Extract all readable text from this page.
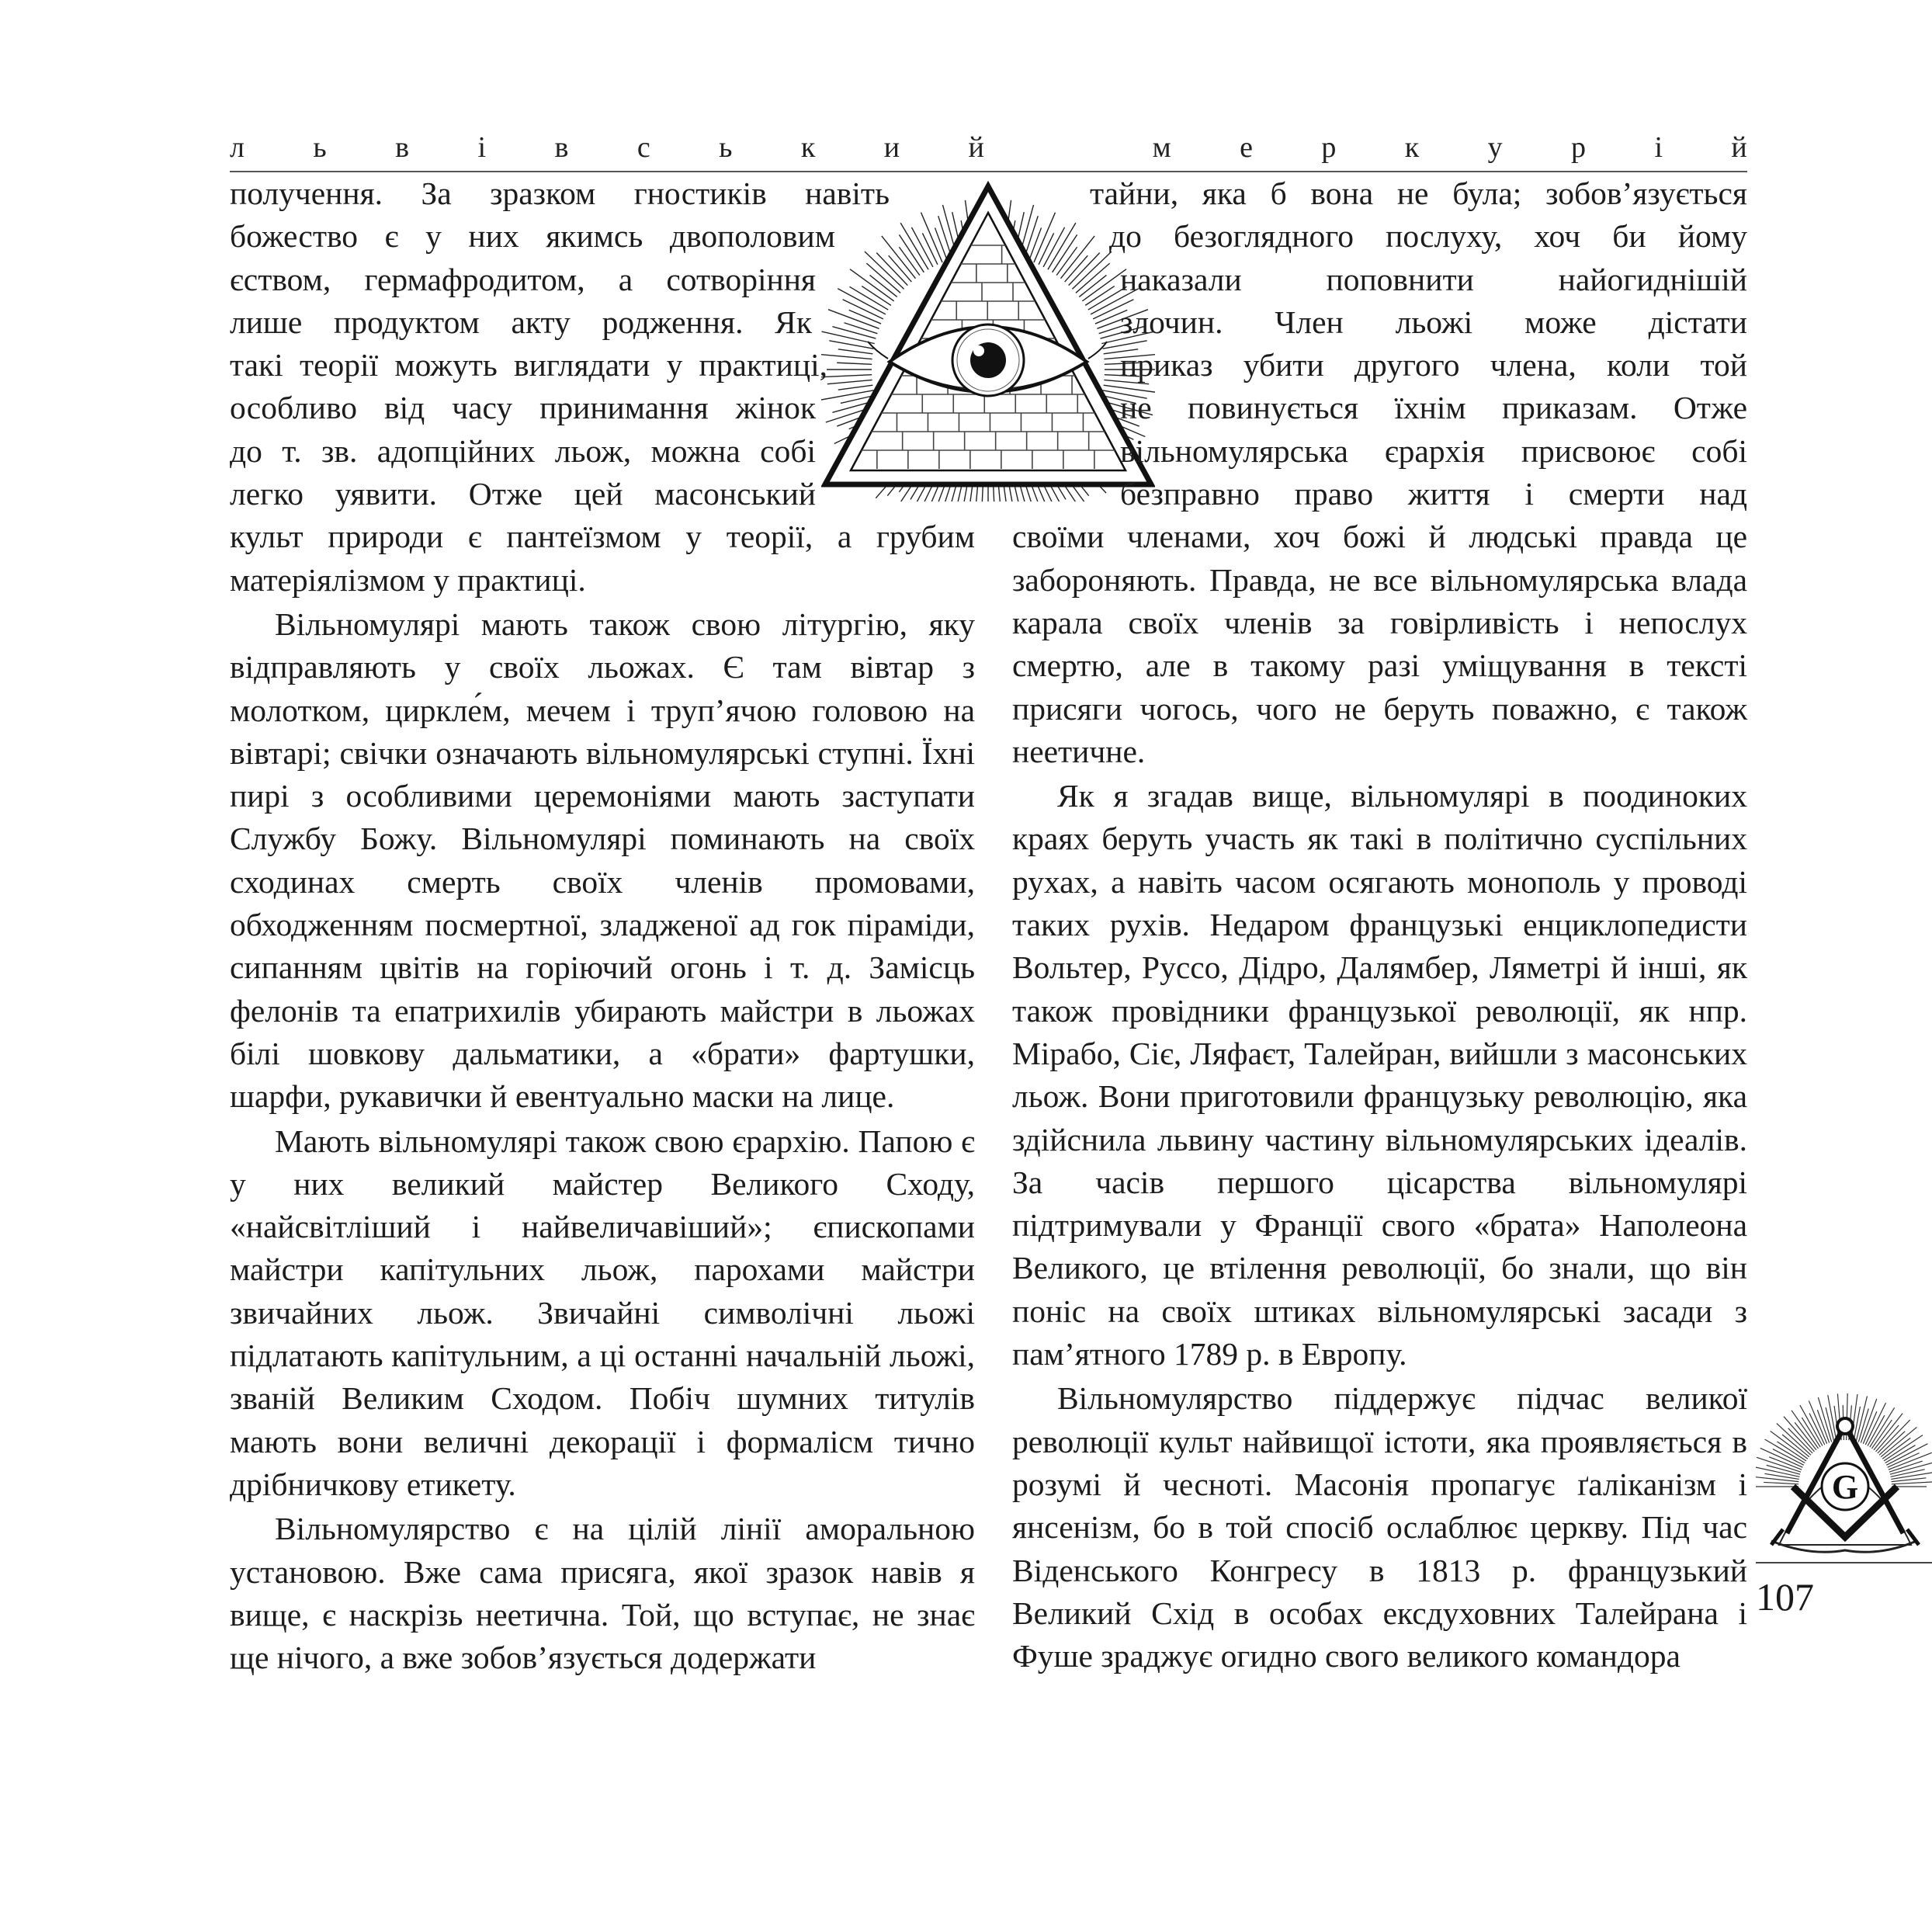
л ь в і в с ь к и й	м е р к у р і й
получення. За зразком гностиків навіть
божество є у них якимсь двополовим
єством, гермафродитом, а сотворіння
лише продуктом акту родження. Як
такі теорії можуть виглядати у практиці,
особливо від часу принимання жінок
до т. зв. адопційних льож, можна собі
легко уявити. Отже цей масонський

культ природи є пантеїзмом у теорії, а грубим матеріялізмом у практиці.

Вільномулярі мають також свою літургію, яку відправляють у своїх льожах. Є там вівтар з молотком, циркле́м, мечем і труп’ячою головою на вівтарі; свічки означають вільномулярські ступні. Їхні пирі з особливими церемоніями мають заступати Службу Божу. Вільномулярі поминають на своїх сходинах смерть своїх членів промовами, обходженням посмертної, зладженої ад гок піраміди, сипанням цвітів на горіючий огонь і т. д. Замісць фелонів та епатрихилів убирають майстри в льожах білі шовкову дальматики, а «брати» фартушки, шарфи, рукавички й евентуально маски на лице.

Мають вільномулярі також свою єрархію. Папою є у них великий майстер Великого Сходу, «найсвітліший і найвеличавіший»; єпископами майстри капітульних льож, парохами майстри звичайних льож. Звичайні символічні льожі підлатають капітульним, а ці останні начальній льожі, званій Великим Сходом. Побіч шумних титулів мають вони величні декорації і формалісм тично дрібничкову етикету.

Вільномулярство є на цілій лінії аморальною установою. Вже сама присяга, якої зразок навів я вище, є наскрізь неетична. Той, що вступає, не знає ще нічого, а вже зобов’язується додержати

тайни, яка б вона не була; зобов’язується
до безоглядного послуху, хоч би йому
наказали поповнити найогиднішій
злочин. Член льожі може дістати
приказ убити другого члена, коли той
не повинується їхнім приказам. Отже
вільномулярська єрархія присвоює собі
безправно право життя і смерти над

своїми членами, хоч божі й людські правда це забороняють. Правда, не все вільномулярська влада карала своїх членів за говірливість і непослух смертю, але в такому разі уміщування в тексті присяги чогось, чого не беруть поважно, є також неетичне.

Як я згадав вище, вільномулярі в поодиноких краях беруть участь як такі в політично суспільних рухах, а навіть часом осягають монополь у проводі таких рухів. Недаром французькі енциклопедисти Вольтер, Руссо, Дідро, Далямбер, Ляметрі й інші, як також провідники французької революції, як нпр. Мірабо, Сіє, Ляфаєт, Талейран, вийшли з масонських льож. Вони приготовили французьку революцію, яка здійснила львину частину вільномулярських ідеалів. За часів першого цісарства вільномулярі підтримували у Франції свого «брата» Наполеона Великого, це втілення революції, бо знали, що він поніс на своїх штиках вільномулярські засади з пам’ятного 1789 р. в Европу.

Вільномулярство піддержує підчас великої революції культ найвищої істоти, яка проявляється в розумі й чесноті. Масонія пропагує ґаліканізм і янсенізм, бо в той спосіб ослаблює церкву. Під час Віденського Конгресу в 1813 р. французький Великий Схід в особах ексдуховних Талейрана і Фуше зраджує огидно свого великого командора

G
107
